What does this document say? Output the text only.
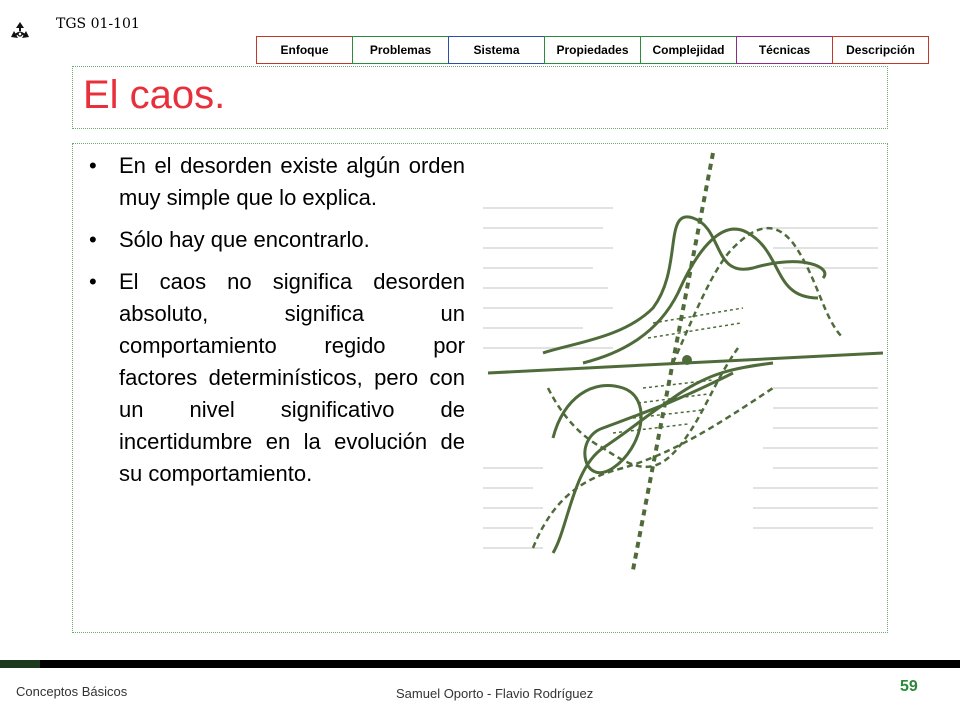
TGS 01-101
Enfoque	Problemas	Sistema	Propiedades	Complejidad	Técnicas	Descripción
El caos.
• En el desorden existe algún orden muy simple que lo explica.
• Sólo hay que encontrarlo.
• El caos no significa desorden absoluto, significa un comportamiento regido por factores determinísticos, pero con un nivel significativo de incertidumbre en la evolución de su comportamiento.
Conceptos Básicos	Samuel Oporto - Flavio Rodríguez	59
